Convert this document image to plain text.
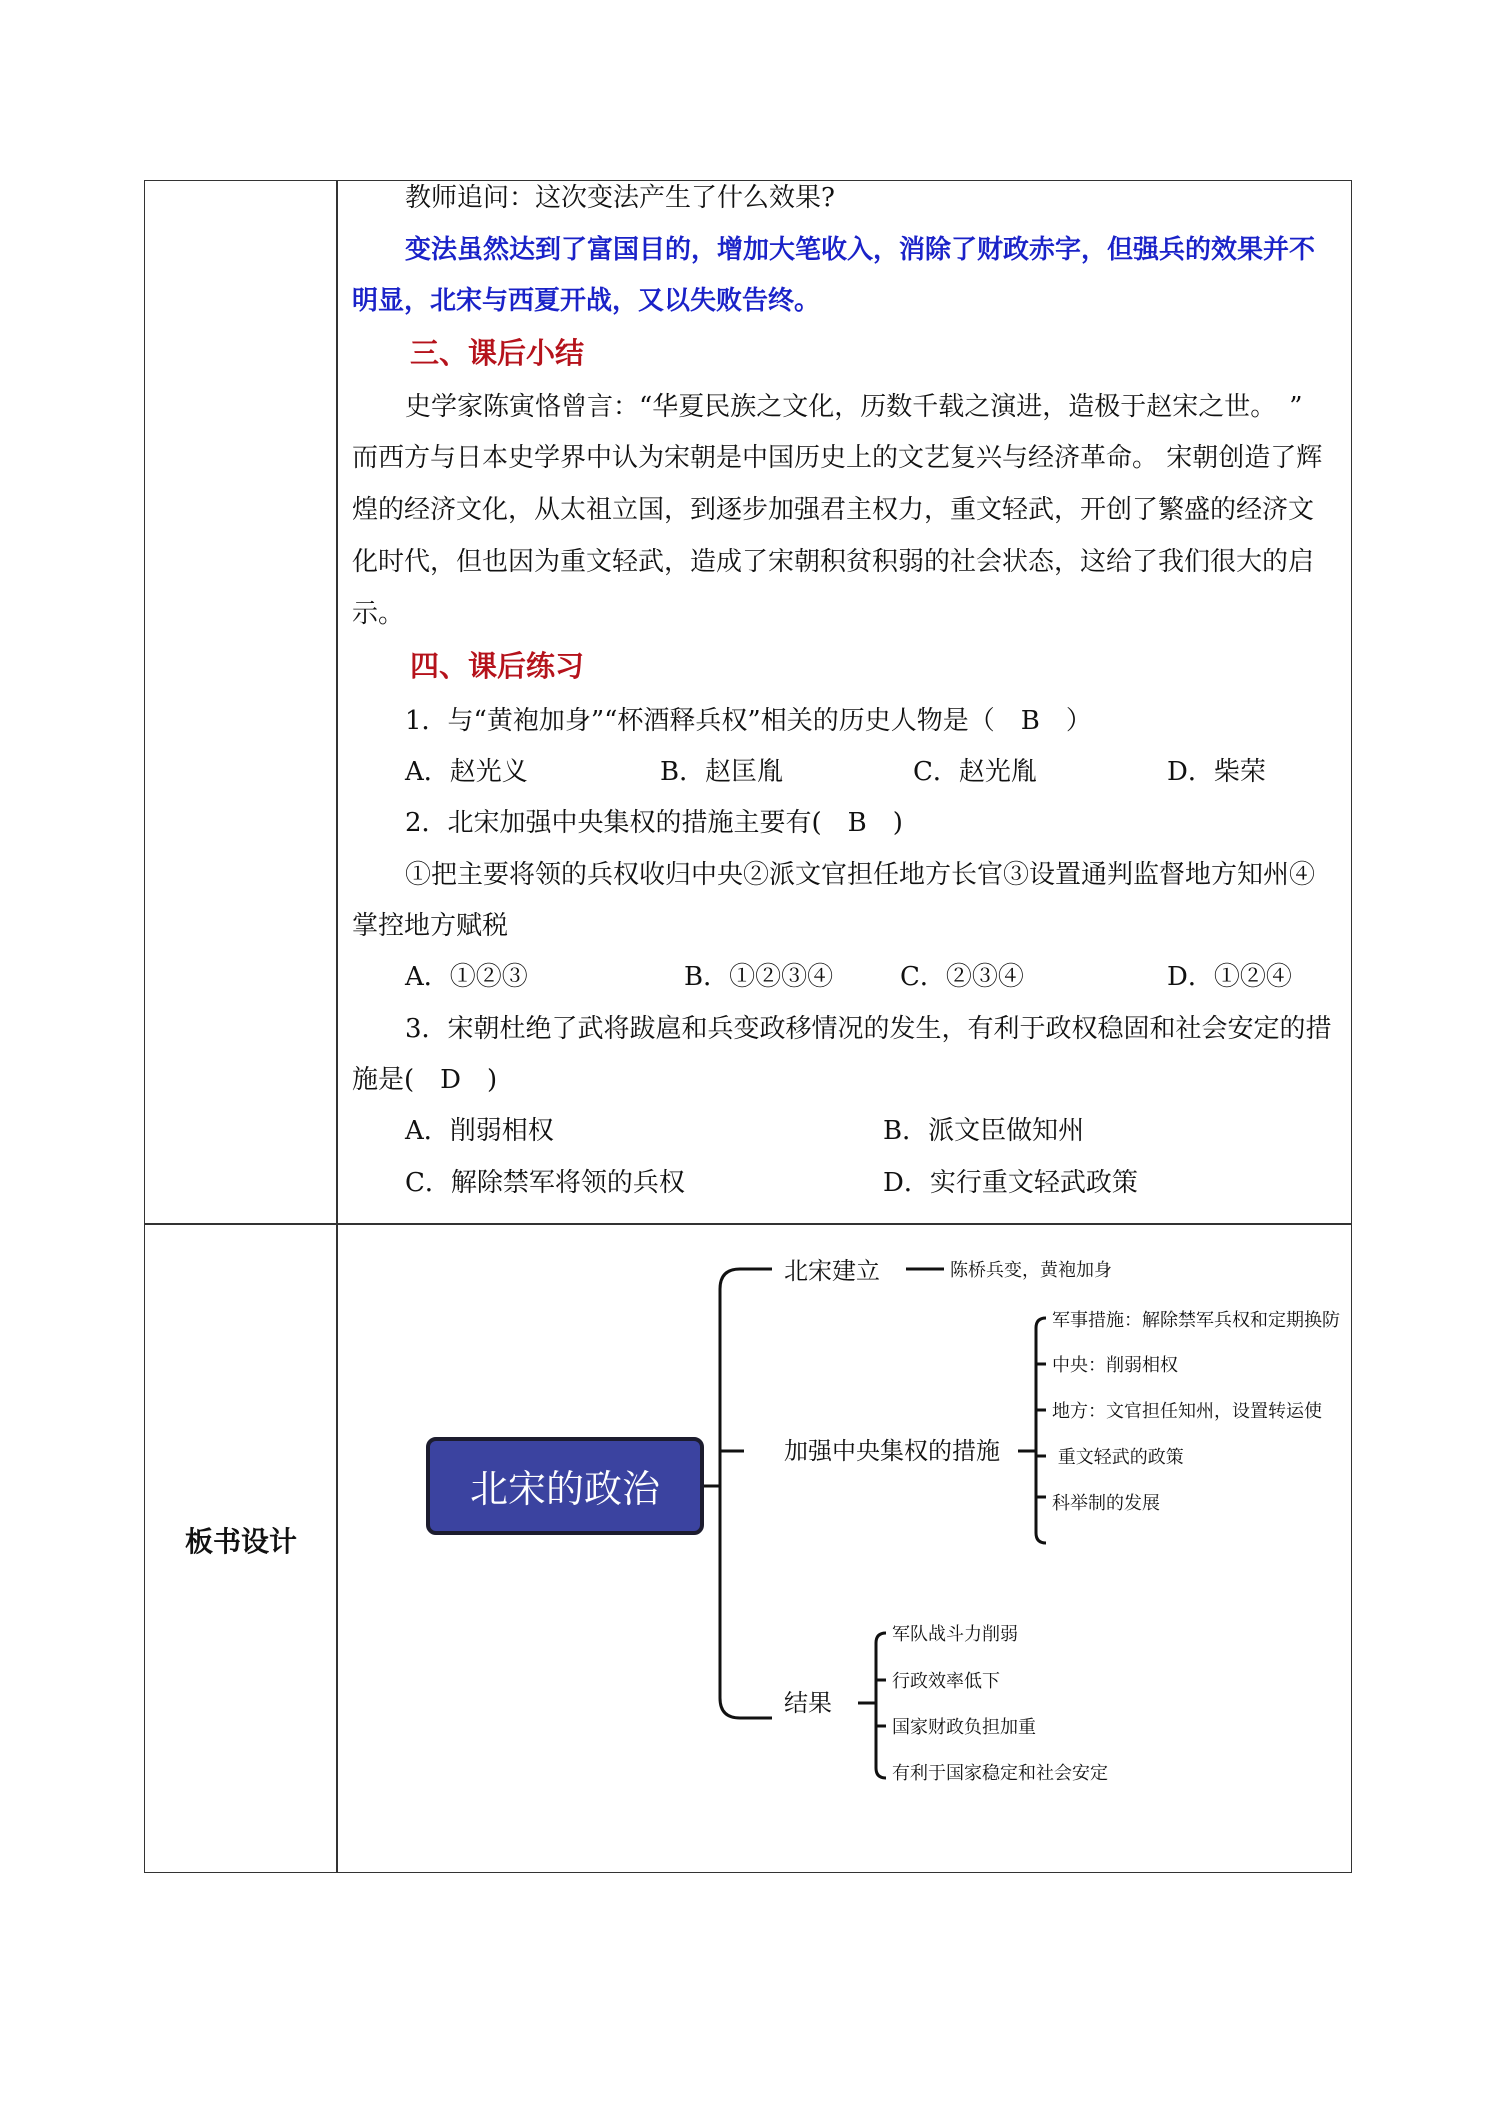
教师追问：这次变法产生了什么效果?
变法虽然达到了富国目的，增加大笔收入，消除了财政赤字，但强兵的效果并不
明显，北宋与西夏开战，又以失败告终。
三、课后小结
史学家陈寅恪曾言：“华夏民族之文化，历数千载之演进，造极于赵宋之世。　”
而西方与日本史学界中认为宋朝是中国历史上的文艺复兴与经济革命。 宋朝创造了辉
煌的经济文化，从太祖立国，到逐步加强君主权力，重文轻武，开创了繁盛的经济文
化时代，但也因为重文轻武，造成了宋朝积贫积弱的社会状态，这给了我们很大的启
示。
四、课后练习
1．与“黄袍加身”“杯酒释兵权”相关的历史人物是（　B　）
A．赵光义	B．赵匡胤	C．赵光胤	D．柴荣
2．北宋加强中央集权的措施主要有(　B　)
①把主要将领的兵权收归中央②派文官担任地方长官③设置通判监督地方知州④
掌控地方赋税
A．①②③	B．①②③④	C．②③④	D．①②④
3．宋朝杜绝了武将跋扈和兵变政移情况的发生，有利于政权稳固和社会安定的措
施是(　D　)
A．削弱相权	B．派文臣做知州
C．解除禁军将领的兵权	D．实行重文轻武政策
板书设计
北宋的政治
北宋建立
加强中央集权的措施
结果
陈桥兵变，黄袍加身
军事措施：解除禁军兵权和定期换防
中央：削弱相权
地方：文官担任知州，设置转运使
重文轻武的政策
科举制的发展
军队战斗力削弱
行政效率低下
国家财政负担加重
有利于国家稳定和社会安定
